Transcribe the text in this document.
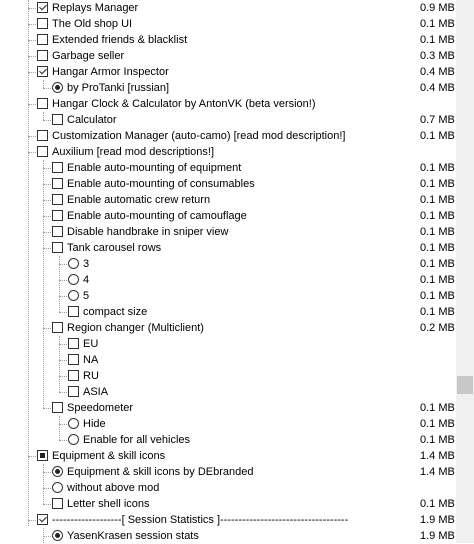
Replays Manager	0.9 MB
The Old shop UI	0.1 MB
Extended friends & blacklist	0.1 MB
Garbage seller	0.3 MB
Hangar Armor Inspector	0.4 MB
by ProTanki [russian]	0.4 MB
Hangar Clock & Calculator by AntonVK (beta version!)
Calculator	0.7 MB
Customization Manager (auto-camo) [read mod description!]	0.1 MB
Auxilium [read mod descriptions!]
Enable auto-mounting of equipment	0.1 MB
Enable auto-mounting of consumables	0.1 MB
Enable automatic crew return	0.1 MB
Enable auto-mounting of camouflage	0.1 MB
Disable handbrake in sniper view	0.1 MB
Tank carousel rows	0.1 MB
3	0.1 MB
4	0.1 MB
5	0.1 MB
compact size	0.1 MB
Region changer (Multiclient)	0.2 MB
EU
NA
RU
ASIA
Speedometer	0.1 MB
Hide	0.1 MB
Enable for all vehicles	0.1 MB
Equipment & skill icons	1.4 MB
Equipment & skill icons by DEbranded	1.4 MB
without above mod
Letter shell icons	0.1 MB
-------------------[ Session Statistics ]-----------------------------------	1.9 MB
YasenKrasen session stats	1.9 MB
